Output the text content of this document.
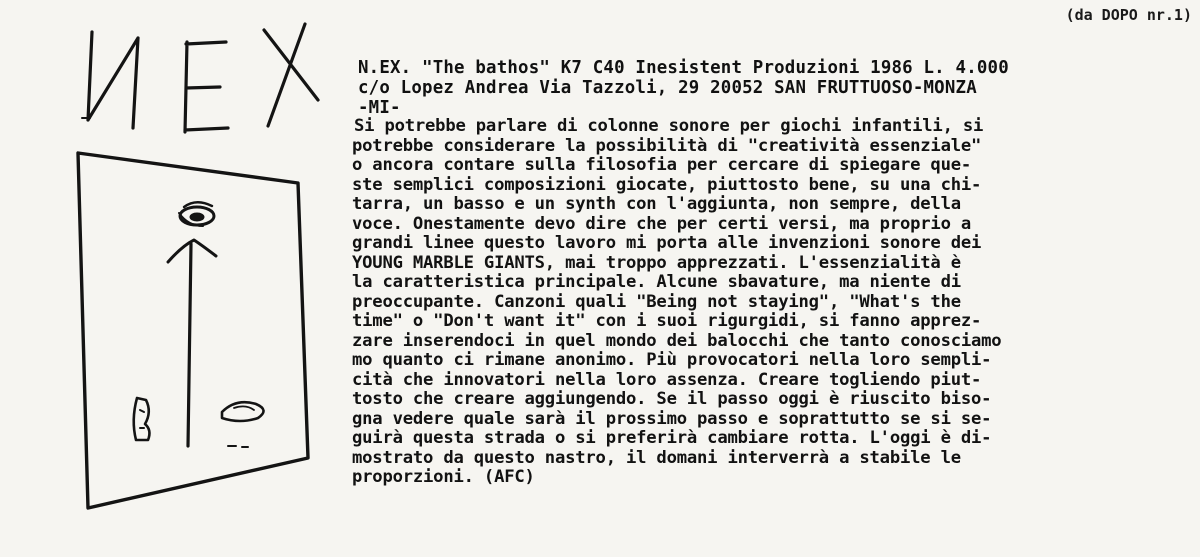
(da DOPO nr.1)
N.EX. "The bathos" K7 C40 Inesistent Produzioni 1986 L. 4.000
c/o Lopez Andrea Via Tazzoli, 29 20052 SAN FRUTTUOSO-MONZA
-MI-
Si potrebbe parlare di colonne sonore per giochi infantili, si
potrebbe considerare la possibilità di "creatività essenziale"
o ancora contare sulla filosofia per cercare di spiegare que-
ste semplici composizioni giocate, piuttosto bene, su una chi-
tarra, un basso e un synth con l'aggiunta, non sempre, della
voce. Onestamente devo dire che per certi versi, ma proprio a
grandi linee questo lavoro mi porta alle invenzioni sonore dei
YOUNG MARBLE GIANTS, mai troppo apprezzati. L'essenzialità è
la caratteristica principale. Alcune sbavature, ma niente di
preoccupante. Canzoni quali "Being not staying", "What's the
time" o "Don't want it" con i suoi rigurgidi, si fanno apprez-
zare inserendoci in quel mondo dei balocchi che tanto conosciamo
mo quanto ci rimane anonimo. Più provocatori nella loro sempli-
cità che innovatori nella loro assenza. Creare togliendo piut-
tosto che creare aggiungendo. Se il passo oggi è riuscito biso-
gna vedere quale sarà il prossimo passo e soprattutto se si se-
guirà questa strada o si preferirà cambiare rotta. L'oggi è di-
mostrato da questo nastro, il domani interverrà a stabile le
proporzioni. (AFC)
